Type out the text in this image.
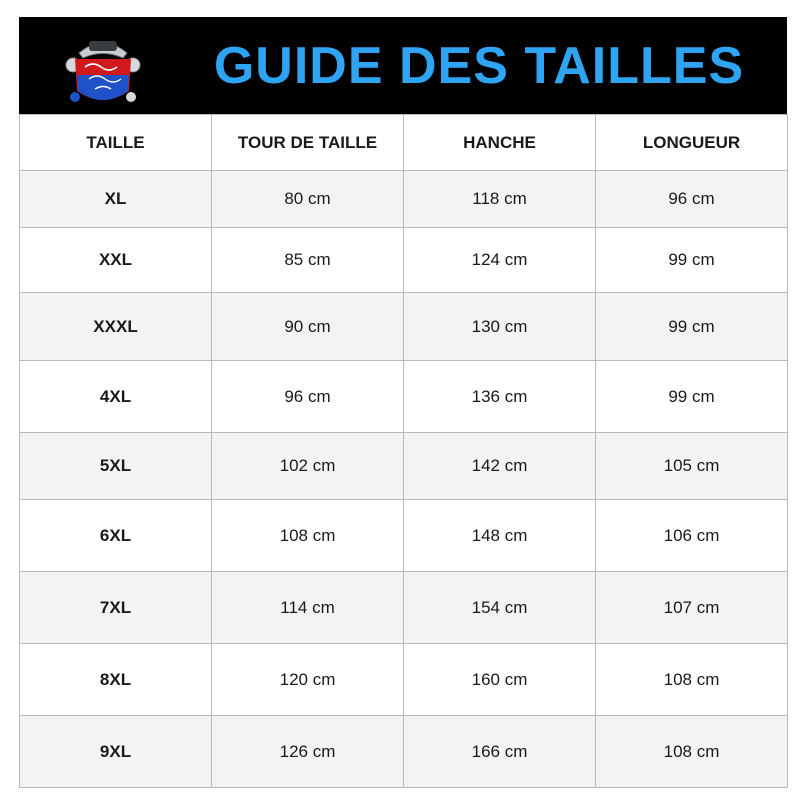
GUIDE DES TAILLES
TAILLE	TOUR DE TAILLE	HANCHE	LONGUEUR
XL	80 cm	118 cm	96 cm
XXL	85 cm	124 cm	99 cm
XXXL	90 cm	130 cm	99 cm
4XL	96 cm	136 cm	99 cm
5XL	102 cm	142 cm	105 cm
6XL	108 cm	148 cm	106 cm
7XL	114 cm	154 cm	107 cm
8XL	120 cm	160 cm	108 cm
9XL	126 cm	166 cm	108 cm
